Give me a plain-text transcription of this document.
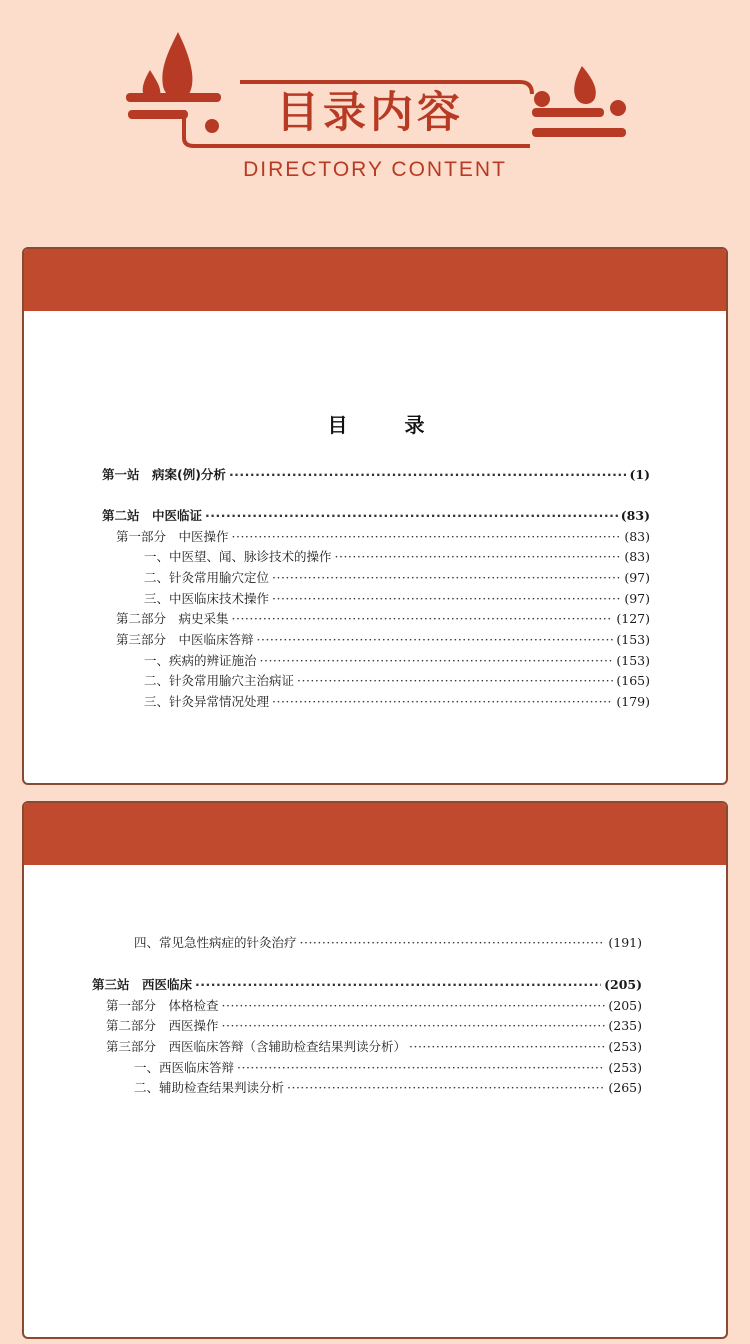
目录内容
DIRECTORY CONTENT
目	录
第一站　病案(例)分析 ·····	(1)
第二站　中医临证 ·····	(83)
第一部分　中医操作 ·····	(83)
一、中医望、闻、脉诊技术的操作 ·····	(83)
二、针灸常用腧穴定位 ·····	(97)
三、中医临床技术操作 ·····	(97)
第二部分　病史采集 ·····	(127)
第三部分　中医临床答辩 ·····	(153)
一、疾病的辨证施治 ·····	(153)
二、针灸常用腧穴主治病证 ·····	(165)
三、针灸异常情况处理 ·····	(179)
四、常见急性病症的针灸治疗 ·····	(191)
第三站　西医临床 ·····	(205)
第一部分　体格检查 ·····	(205)
第二部分　西医操作 ·····	(235)
第三部分　西医临床答辩（含辅助检查结果判读分析） ·····	(253)
一、西医临床答辩 ·····	(253)
二、辅助检查结果判读分析 ·····	(265)
